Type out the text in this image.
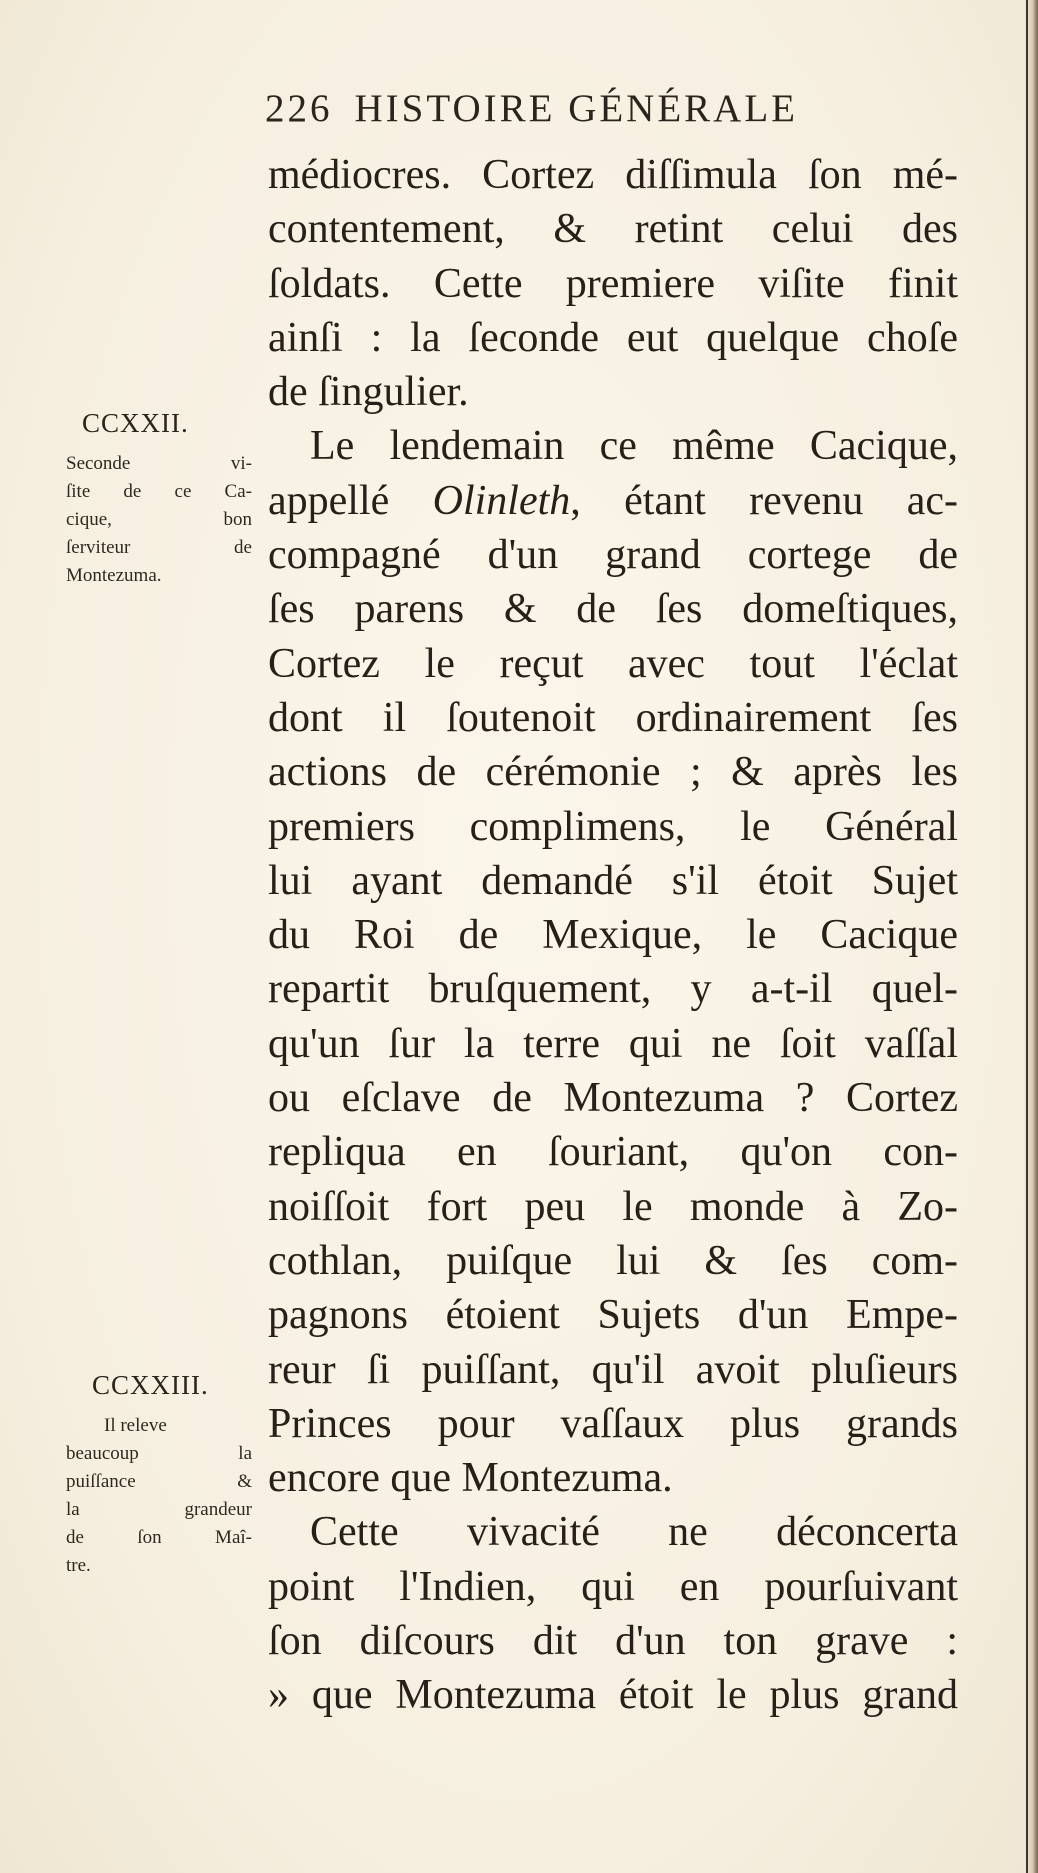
226 HISTOIRE GÉNÉRALE
médiocres. Cortez diſſimula ſon mé-
contentement, & retint celui des
ſoldats. Cette premiere viſite finit
ainſi : la ſeconde eut quelque choſe
de ſingulier.
Le lendemain ce même Cacique,
appellé Olinleth, étant revenu ac-
compagné d'un grand cortege de
ſes parens & de ſes domeſtiques,
Cortez le reçut avec tout l'éclat
dont il ſoutenoit ordinairement ſes
actions de cérémonie ; & après les
premiers complimens, le Général
lui ayant demandé s'il étoit Sujet
du Roi de Mexique, le Cacique
repartit bruſquement, y a-t-il quel-
qu'un ſur la terre qui ne ſoit vaſſal
ou eſclave de Montezuma ? Cortez
repliqua en ſouriant, qu'on con-
noiſſoit fort peu le monde à Zo-
cothlan, puiſque lui & ſes com-
pagnons étoient Sujets d'un Empe-
reur ſi puiſſant, qu'il avoit pluſieurs
Princes pour vaſſaux plus grands
encore que Montezuma.
Cette vivacité ne déconcerta
point l'Indien, qui en pourſuivant
ſon diſcours dit d'un ton grave :
» que Montezuma étoit le plus grand
CCXXII.
Seconde vi-
ſite de ce Ca-
cique, bon
ſerviteur de
Montezuma.
CCXXIII.
Il releve
beaucoup la
puiſſance &
la grandeur
de ſon Maî-
tre.
